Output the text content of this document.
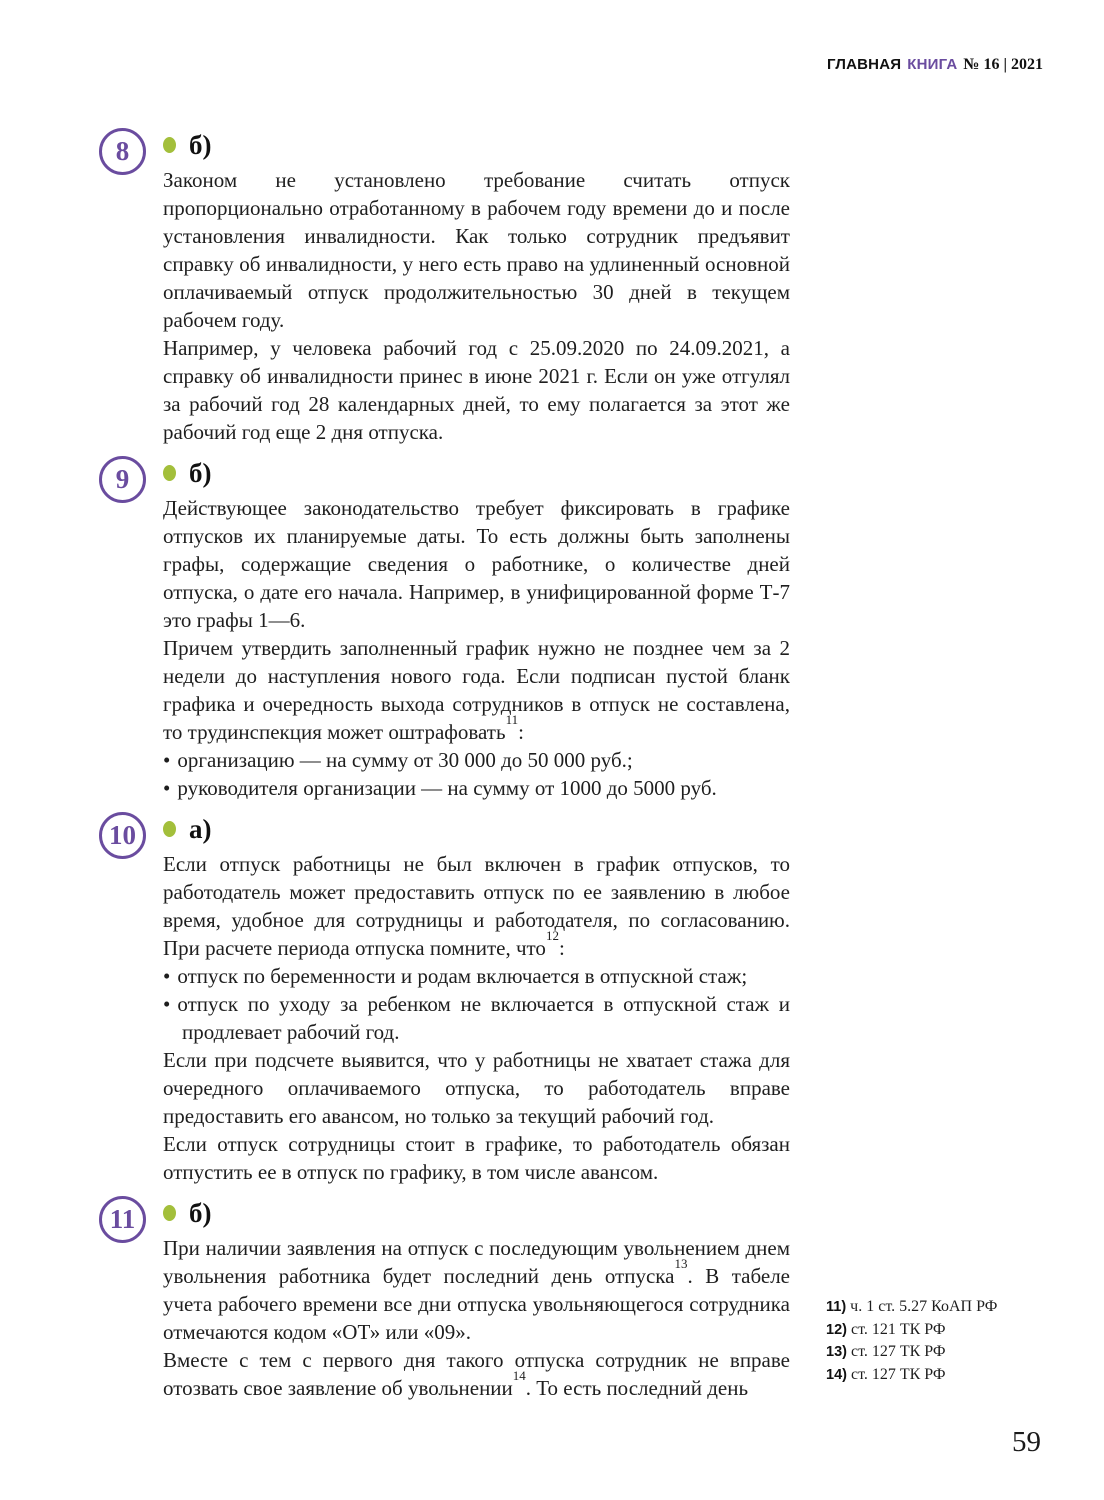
ГЛАВНАЯ КНИГА № 16 | 2021
8 б)

Законом не установлено требование считать отпуск пропорционально отработанному в рабочем году времени до и после установления инвалидности. Как только сотрудник предъявит справку об инвалидности, у него есть право на удлиненный основной оплачиваемый отпуск продолжительностью 30 дней в текущем рабочем году.

Например, у человека рабочий год с 25.09.2020 по 24.09.2021, а справку об инвалидности принес в июне 2021 г. Если он уже отгулял за рабочий год 28 календарных дней, то ему полагается за этот же рабочий год еще 2 дня отпуска.

9 б)

Действующее законодательство требует фиксировать в графике отпусков их планируемые даты. То есть должны быть заполнены графы, содержащие сведения о работнике, о количестве дней отпуска, о дате его начала. Например, в унифицированной форме Т-7 это графы 1—6.

Причем утвердить заполненный график нужно не позднее чем за 2 недели до наступления нового года. Если подписан пустой бланк графика и очередность выхода сотрудников в отпуск не составлена, то трудинспекция может оштрафовать$^{11}$:

• организацию — на сумму от 30 000 до 50 000 руб.;
• руководителя организации — на сумму от 1000 до 5000 руб.
10 а)

Если отпуск работницы не был включен в график отпусков, то работодатель может предоставить отпуск по ее заявлению в любое время, удобное для сотрудницы и работодателя, по согласованию. При расчете периода отпуска помните, что$^{12}$:

• отпуск по беременности и родам включается в отпускной стаж;
• отпуск по уходу за ребенком не включается в отпускной стаж и продлевает рабочий год.

Если при подсчете выявится, что у работницы не хватает стажа для очередного оплачиваемого отпуска, то работодатель вправе предоставить его авансом, но только за текущий рабочий год.

Если отпуск сотрудницы стоит в графике, то работодатель обязан отпустить ее в отпуск по графику, в том числе авансом.

11 б)

При наличии заявления на отпуск с последующим увольнением днем увольнения работника будет последний день отпуска$^{13}$. В табеле учета рабочего времени все дни отпуска увольняющегося сотрудника отмечаются кодом «ОТ» или «09».

Вместе с тем с первого дня такого отпуска сотрудник не вправе отозвать свое заявление об увольнении$^{14}$. То есть последний день

11) ч. 1 ст. 5.27 КоАП РФ
12) ст. 121 ТК РФ
13) ст. 127 ТК РФ
14) ст. 127 ТК РФ
59
